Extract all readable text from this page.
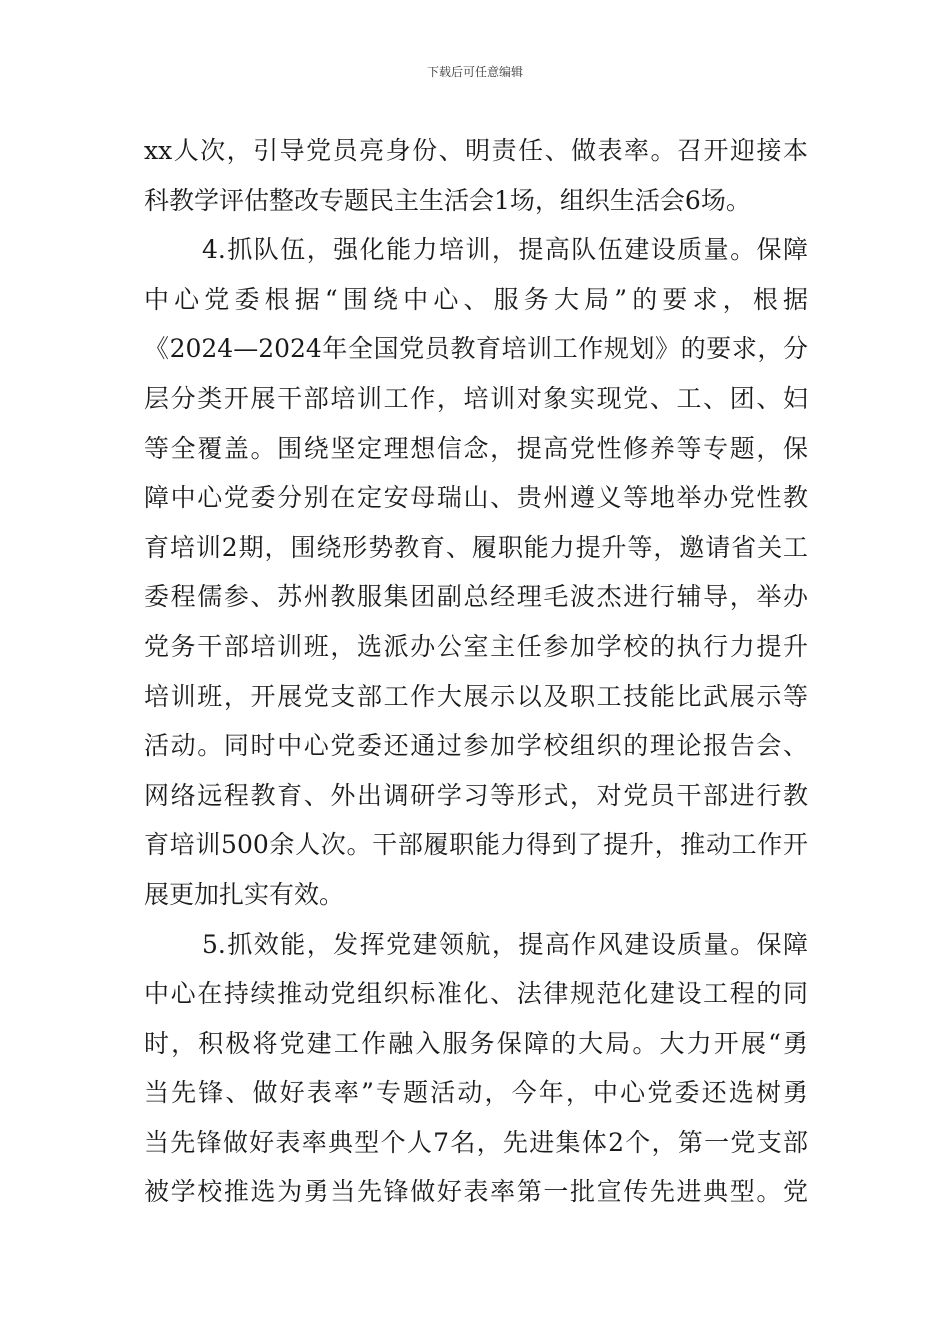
下载后可任意编辑
xx人次，引导党员亮身份、明责任、做表率。召开迎接本
科教学评估整改专题民主生活会1场，组织生活会6场。
4.抓队伍，强化能力培训，提高队伍建设质量。保障
中心党委根据“围绕中心、服务大局”的要求，根据
《2024—2024年全国党员教育培训工作规划》的要求，分
层分类开展干部培训工作，培训对象实现党、工、团、妇
等全覆盖。围绕坚定理想信念，提高党性修养等专题，保
障中心党委分别在定安母瑞山、贵州遵义等地举办党性教
育培训2期，围绕形势教育、履职能力提升等，邀请省关工
委程儒参、苏州教服集团副总经理毛波杰进行辅导，举办
党务干部培训班，选派办公室主任参加学校的执行力提升
培训班，开展党支部工作大展示以及职工技能比武展示等
活动。同时中心党委还通过参加学校组织的理论报告会、
网络远程教育、外出调研学习等形式，对党员干部进行教
育培训500余人次。干部履职能力得到了提升，推动工作开
展更加扎实有效。
5.抓效能，发挥党建领航，提高作风建设质量。保障
中心在持续推动党组织标准化、法律规范化建设工程的同
时，积极将党建工作融入服务保障的大局。大力开展“勇
当先锋、做好表率”专题活动，今年，中心党委还选树勇
当先锋做好表率典型个人7名，先进集体2个，第一党支部
被学校推选为勇当先锋做好表率第一批宣传先进典型。党
